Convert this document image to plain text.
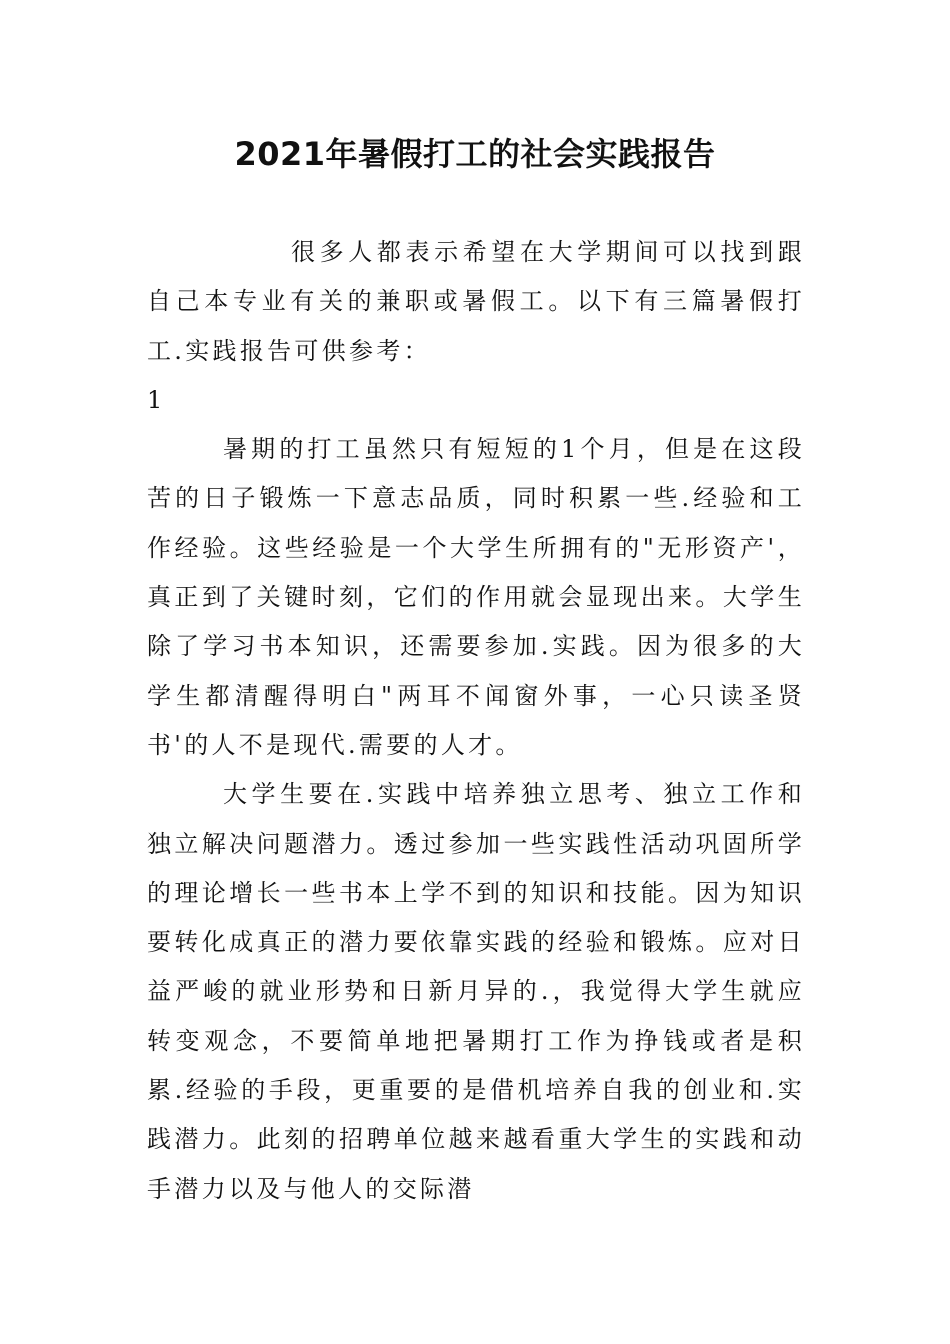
2021年暑假打工的社会实践报告

很多人都表示希望在大学期间可以找到跟自己本专业有关的兼职或暑假工。以下有三篇暑假打工.实践报告可供参考：

1

暑期的打工虽然只有短短的1个月，但是在这段苦的日子锻炼一下意志品质，同时积累一些.经验和工作经验。这些经验是一个大学生所拥有的"无形资产'，真正到了关键时刻，它们的作用就会显现出来。大学生除了学习书本知识，还需要参加.实践。因为很多的大学生都清醒得明白"两耳不闻窗外事，一心只读圣贤书'的人不是现代.需要的人才。

大学生要在.实践中培养独立思考、独立工作和独立解决问题潜力。透过参加一些实践性活动巩固所学的理论增长一些书本上学不到的知识和技能。因为知识要转化成真正的潜力要依靠实践的经验和锻炼。应对日益严峻的就业形势和日新月异的.，我觉得大学生就应转变观念，不要简单地把暑期打工作为挣钱或者是积累.经验的手段，更重要的是借机培养自我的创业和.实践潜力。此刻的招聘单位越来越看重大学生的实践和动手潜力以及与他人的交际潜
